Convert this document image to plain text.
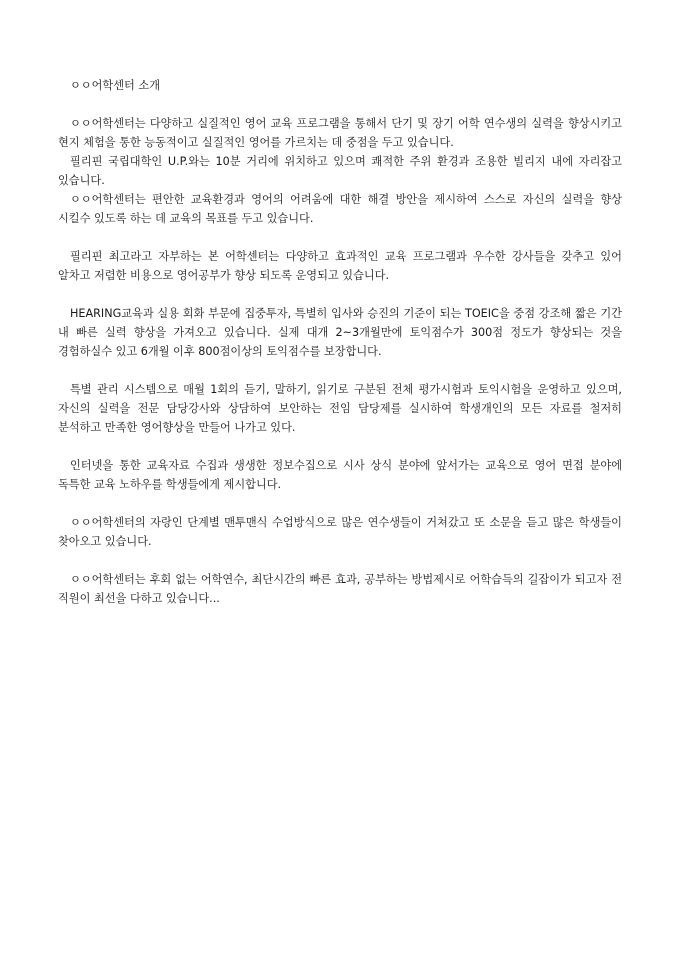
ㅇㅇ어학센터 소개

ㅇㅇ어학센터는 다양하고 실질적인 영어 교육 프로그램을 통해서 단기 및 장기 어학 연수생의 실력을 향상시키고 현지 체험을 통한 능동적이고 실질적인 영어를 가르치는 데 중점을 두고 있습니다.

필리핀 국립대학인 U.P.와는 10분 거리에 위치하고 있으며 쾌적한 주위 환경과 조용한 빌리지 내에 자리잡고 있습니다.

ㅇㅇ어학센터는 편안한 교육환경과 영어의 어려움에 대한 해결 방안을 제시하여 스스로 자신의 실력을 향상 시킬수 있도록 하는 데 교육의 목표를 두고 있습니다.

필리핀 최고라고 자부하는 본 어학센터는 다양하고 효과적인 교육 프로그램과 우수한 강사들을 갖추고 있어 알차고 저렴한 비용으로 영어공부가 향상 되도록 운영되고 있습니다.

HEARING교육과 실용 회화 부문에 집중투자, 특별히 입사와 승진의 기준이 되는 TOEIC을 중점 강조해 짧은 기간 내 빠른 실력 향상을 가져오고 있습니다. 실제 대개 2~3개월만에 토익점수가 300점 정도가 향상되는 것을 경험하실수 있고 6개월 이후 800점이상의 토익점수를 보장합니다.

특별 관리 시스템으로 매월 1회의 듣기, 말하기, 읽기로 구분된 전체 평가시험과 토익시험을 운영하고 있으며, 자신의 실력을 전문 담당강사와 상담하여 보안하는 전임 담당제를 실시하여 학생개인의 모든 자료를 철저히 분석하고 만족한 영어향상을 만들어 나가고 있다.

인터넷을 통한 교육자료 수집과 생생한 정보수집으로 시사 상식 분야에 앞서가는 교육으로 영어 면접 분야에 독특한 교육 노하우를 학생들에게 제시합니다.

ㅇㅇ어학센터의 자랑인 단계별 맨투맨식 수업방식으로 많은 연수생들이 거쳐갔고 또 소문을 듣고 많은 학생들이 찾아오고 있습니다.

ㅇㅇ어학센터는 후회 없는 어학연수, 최단시간의 빠른 효과, 공부하는 방법제시로 어학습득의 길잡이가 되고자 전 직원이 최선을 다하고 있습니다...
